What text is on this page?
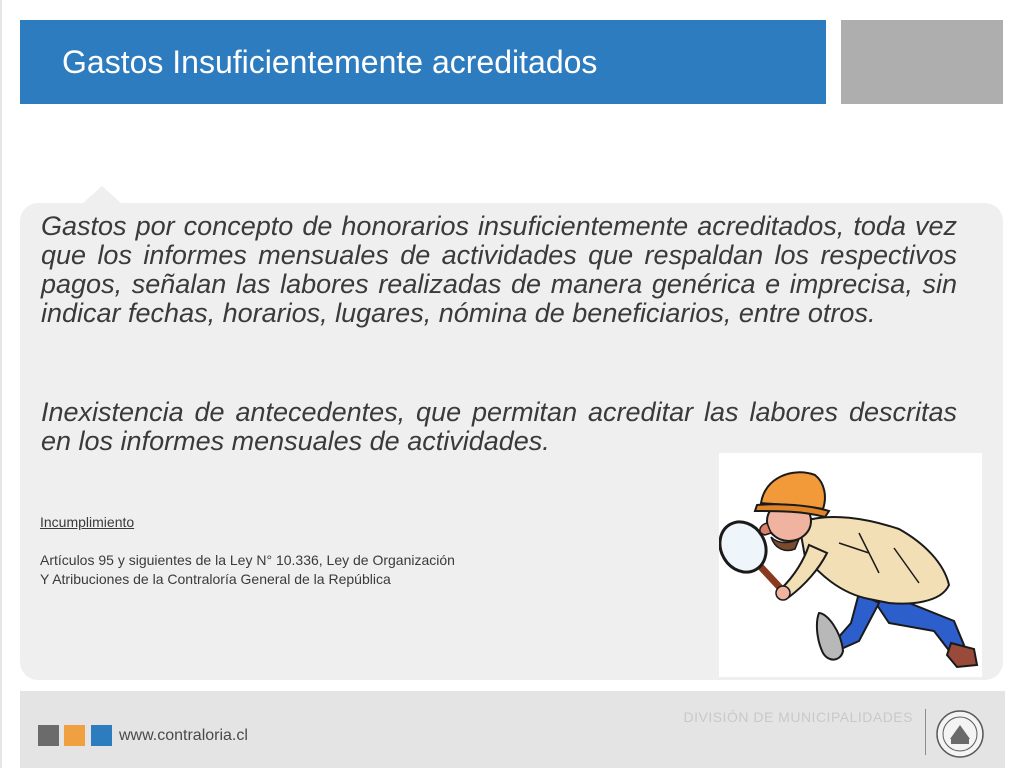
Gastos Insuficientemente acreditados

Gastos por concepto de honorarios insuficientemente acreditados, toda vez que los informes mensuales de actividades que respaldan los respectivos pagos, señalan las labores realizadas de manera genérica e imprecisa, sin indicar fechas, horarios, lugares, nómina de beneficiarios, entre otros.

Inexistencia de antecedentes, que permitan acreditar las labores descritas en los informes mensuales de actividades.

Incumplimiento
Artículos 95 y siguientes de la Ley N° 10.336, Ley de Organización
Y Atribuciones de la Contraloría General de la República
www.contraloria.cl
DIVISIÓN DE MUNICIPALIDADES
